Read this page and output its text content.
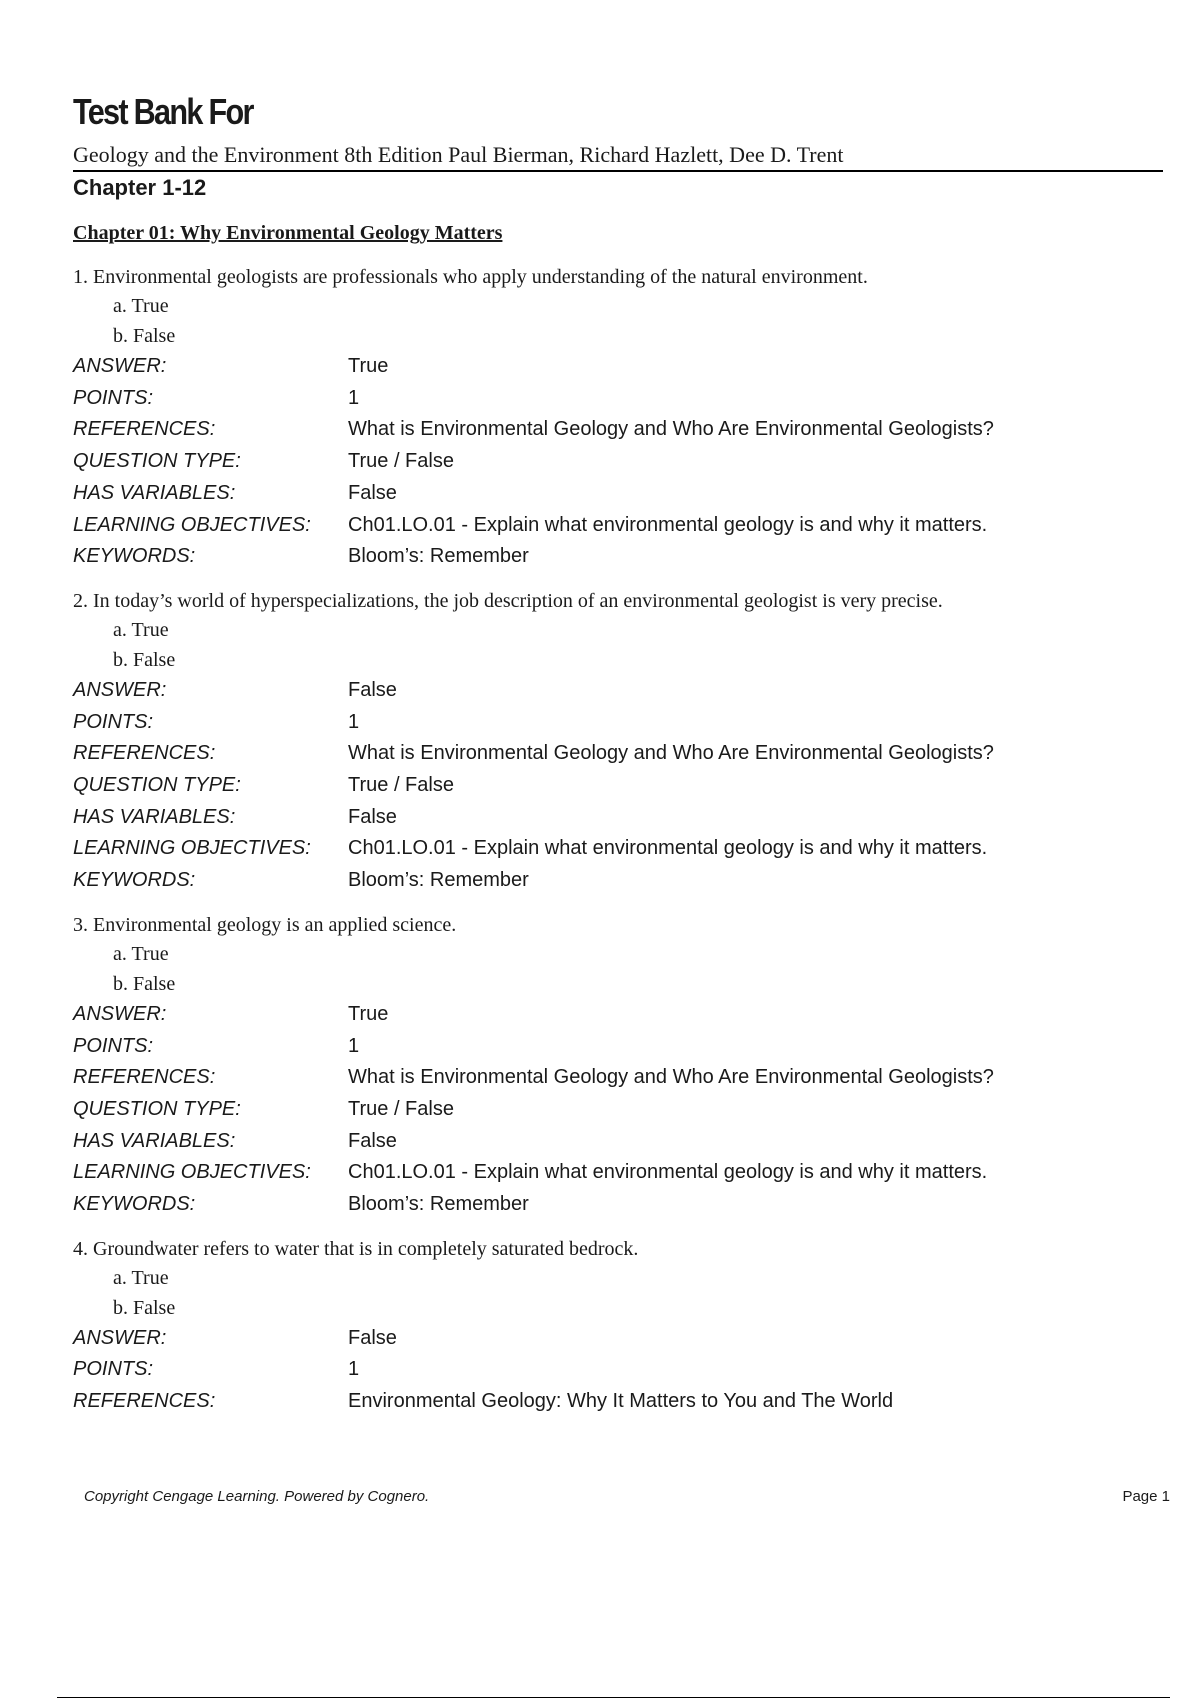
Test Bank For
Geology and the Environment 8th Edition Paul Bierman, Richard Hazlett, Dee D. Trent
Chapter 1-12
Chapter 01: Why Environmental Geology Matters
1. Environmental geologists are professionals who apply understanding of the natural environment.
a. True
b. False
ANSWER:	True
POINTS:	1
REFERENCES:	What is Environmental Geology and Who Are Environmental Geologists?
QUESTION TYPE:	True / False
HAS VARIABLES:	False
LEARNING OBJECTIVES:	Ch01.LO.01 - Explain what environmental geology is and why it matters.
KEYWORDS:	Bloom’s: Remember
2. In today’s world of hyperspecializations, the job description of an environmental geologist is very precise.
a. True
b. False
ANSWER:	False
POINTS:	1
REFERENCES:	What is Environmental Geology and Who Are Environmental Geologists?
QUESTION TYPE:	True / False
HAS VARIABLES:	False
LEARNING OBJECTIVES:	Ch01.LO.01 - Explain what environmental geology is and why it matters.
KEYWORDS:	Bloom’s: Remember
3. Environmental geology is an applied science.
a. True
b. False
ANSWER:	True
POINTS:	1
REFERENCES:	What is Environmental Geology and Who Are Environmental Geologists?
QUESTION TYPE:	True / False
HAS VARIABLES:	False
LEARNING OBJECTIVES:	Ch01.LO.01 - Explain what environmental geology is and why it matters.
KEYWORDS:	Bloom’s: Remember
4. Groundwater refers to water that is in completely saturated bedrock.
a. True
b. False
ANSWER:	False
POINTS:	1
REFERENCES:	Environmental Geology: Why It Matters to You and The World
Copyright Cengage Learning. Powered by Cognero.	Page 1
